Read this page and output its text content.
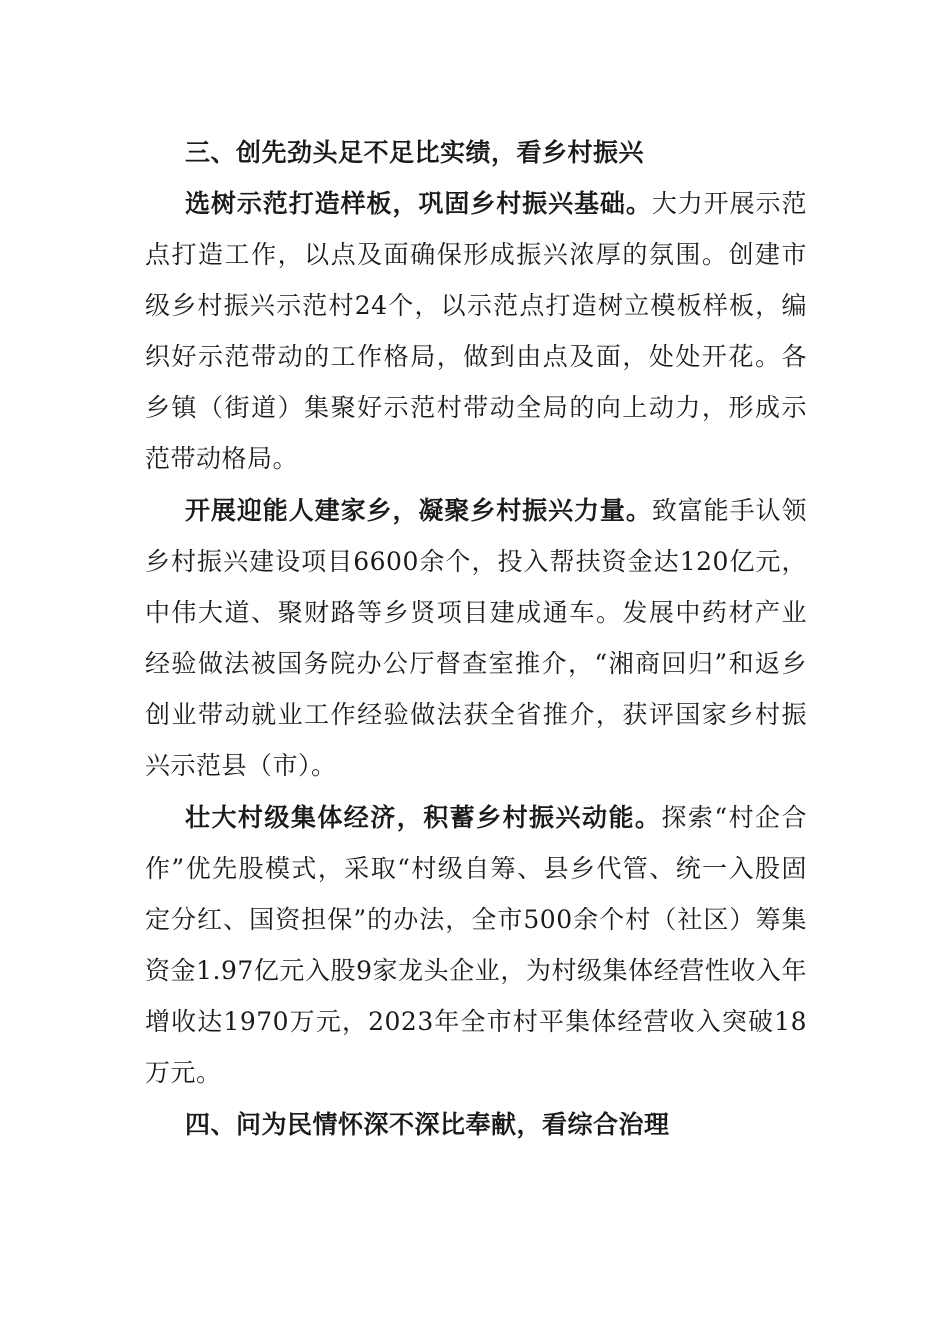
三、创先劲头足不足比实绩，看乡村振兴

选树示范打造样板，巩固乡村振兴基础。大力开展示范点打造工作，以点及面确保形成振兴浓厚的氛围。创建市级乡村振兴示范村24个，以示范点打造树立模板样板，编织好示范带动的工作格局，做到由点及面，处处开花。各乡镇（街道）集聚好示范村带动全局的向上动力，形成示范带动格局。

开展迎能人建家乡，凝聚乡村振兴力量。致富能手认领乡村振兴建设项目6600余个，投入帮扶资金达120亿元，中伟大道、聚财路等乡贤项目建成通车。发展中药材产业经验做法被国务院办公厅督查室推介，“湘商回归”和返乡创业带动就业工作经验做法获全省推介，获评国家乡村振兴示范县（市）。

壮大村级集体经济，积蓄乡村振兴动能。探索“村企合作”优先股模式，采取“村级自筹、县乡代管、统一入股固定分红、国资担保”的办法，全市500余个村（社区）筹集资金1.97亿元入股9家龙头企业，为村级集体经营性收入年增收达1970万元，2023年全市村平集体经营收入突破18万元。

四、问为民情怀深不深比奉献，看综合治理
